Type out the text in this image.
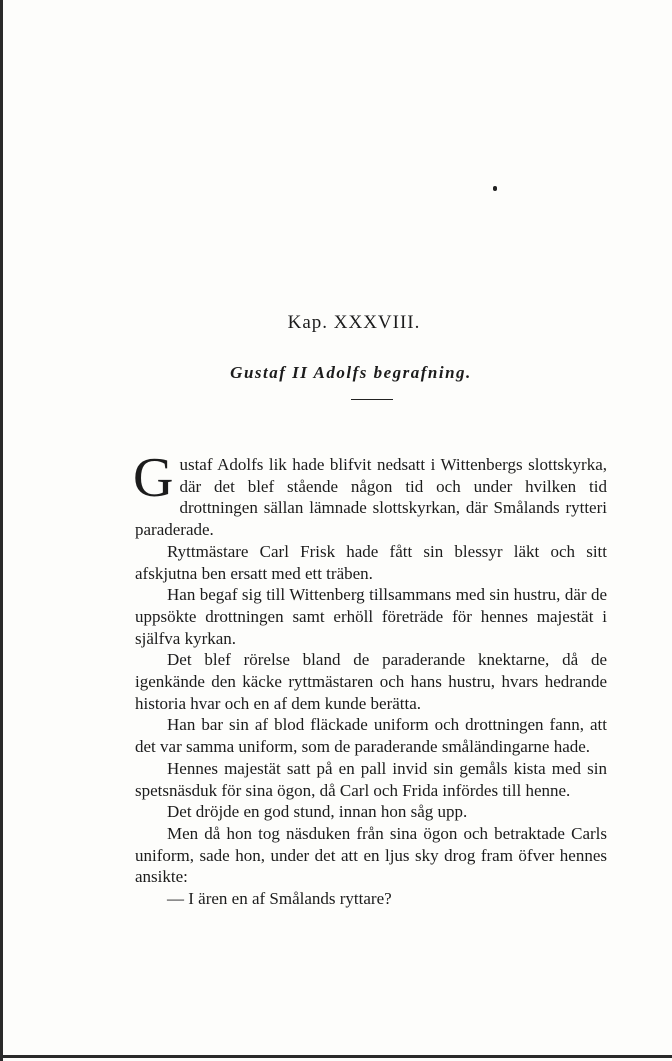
Kap. XXXVIII.
Gustaf II Adolfs begrafning.

Gustaf Adolfs lik hade blifvit nedsatt i Wittenbergs slottskyrka, där det blef stående någon tid och under hvilken tid drottningen sällan lämnade slottskyrkan, där Smålands rytteri paraderade.

Ryttmästare Carl Frisk hade fått sin blessyr läkt och sitt afskjutna ben ersatt med ett träben.

Han begaf sig till Wittenberg tillsammans med sin hustru, där de uppsökte drottningen samt erhöll företräde för hennes majestät i själfva kyrkan.

Det blef rörelse bland de paraderande knektarne, då de igenkände den käcke ryttmästaren och hans hustru, hvars hedrande historia hvar och en af dem kunde berätta.

Han bar sin af blod fläckade uniform och drottningen fann, att det var samma uniform, som de paraderande småländingarne hade.

Hennes majestät satt på en pall invid sin gemåls kista med sin spetsnäsduk för sina ögon, då Carl och Frida infördes till henne.

Det dröjde en god stund, innan hon såg upp.

Men då hon tog näsduken från sina ögon och betraktade Carls uniform, sade hon, under det att en ljus sky drog fram öfver hennes ansikte:

— I ären en af Smålands ryttare?
